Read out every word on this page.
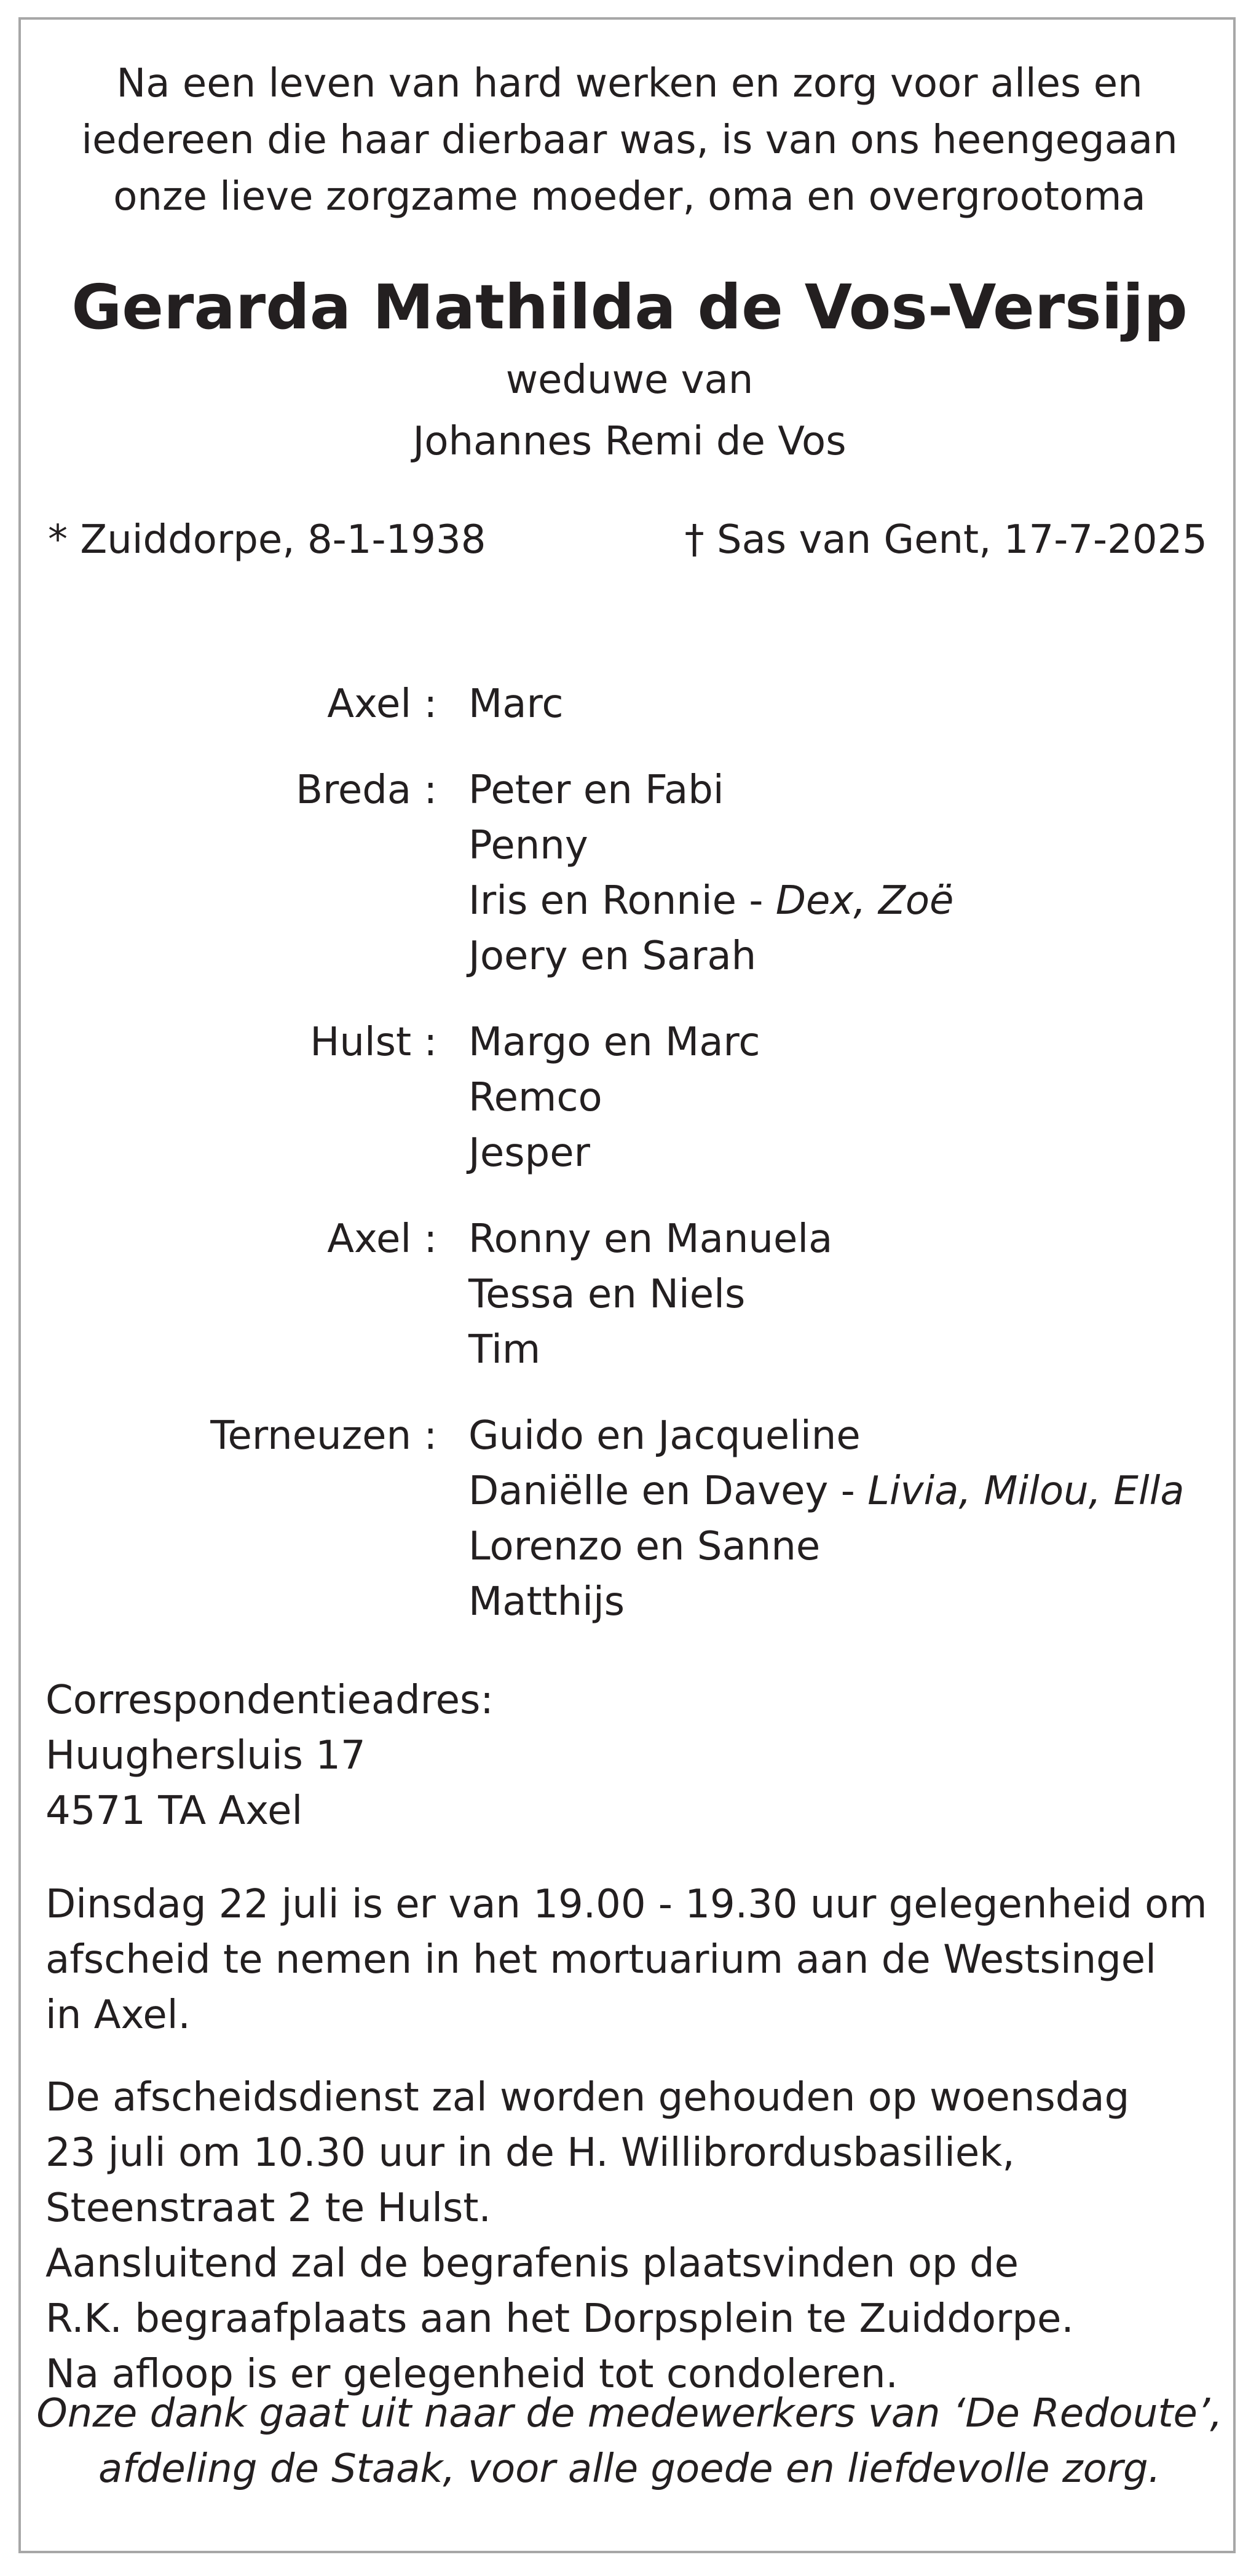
Na een leven van hard werken en zorg voor alles en
iedereen die haar dierbaar was, is van ons heengegaan
onze lieve zorgzame moeder, oma en overgrootoma
Gerarda Mathilda de Vos-Versijp
weduwe van
Johannes Remi de Vos
* Zuiddorpe, 8-1-1938	† Sas van Gent, 17-7-2025
Axel : Marc
Breda : Peter en Fabi
Penny
Iris en Ronnie - Dex, Zoë
Joery en Sarah
Hulst : Margo en Marc
Remco
Jesper
Axel : Ronny en Manuela
Tessa en Niels
Tim
Terneuzen : Guido en Jacqueline
Daniëlle en Davey - Livia, Milou, Ella
Lorenzo en Sanne
Matthijs
Correspondentieadres:
Huughersluis 17
4571 TA Axel
Dinsdag 22 juli is er van 19.00 - 19.30 uur gelegenheid om
afscheid te nemen in het mortuarium aan de Westsingel
in Axel.
De afscheidsdienst zal worden gehouden op woensdag
23 juli om 10.30 uur in de H. Willibrordusbasiliek,
Steenstraat 2 te Hulst.
Aansluitend zal de begrafenis plaatsvinden op de
R.K. begraafplaats aan het Dorpsplein te Zuiddorpe.
Na afloop is er gelegenheid tot condoleren.
Onze dank gaat uit naar de medewerkers van ‘De Redoute’,
afdeling de Staak, voor alle goede en liefdevolle zorg.
